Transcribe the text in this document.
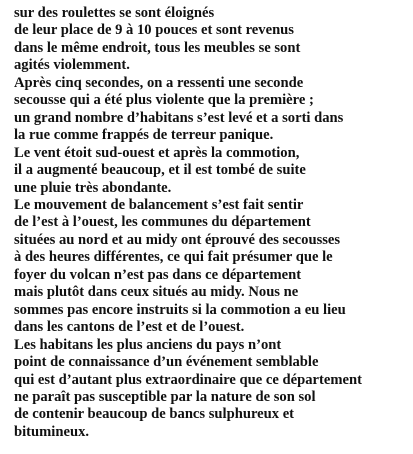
sur des roulettes se sont éloignés
de leur place de 9 à 10 pouces et sont revenus
dans le même endroit, tous les meubles se sont
agités violemment.
Après cinq secondes, on a ressenti une seconde
secousse qui a été plus violente que la première ;
un grand nombre d’habitans s’est levé et a sorti dans
la rue comme frappés de terreur panique.
Le vent étoit sud-ouest et après la commotion,
il a augmenté beaucoup, et il est tombé de suite
une pluie très abondante.
Le mouvement de balancement s’est fait sentir
de l’est à l’ouest, les communes du département
situées au nord et au midy ont éprouvé des secousses
à des heures différentes, ce qui fait présumer que le
foyer du volcan n’est pas dans ce département
mais plutôt dans ceux situés au midy. Nous ne
sommes pas encore instruits si la commotion a eu lieu
dans les cantons de l’est et de l’ouest.
Les habitans les plus anciens du pays n’ont
point de connaissance d’un événement semblable
qui est d’autant plus extraordinaire que ce département
ne paraît pas susceptible par la nature de son sol
de contenir beaucoup de bancs sulphureux et
bitumineux.
